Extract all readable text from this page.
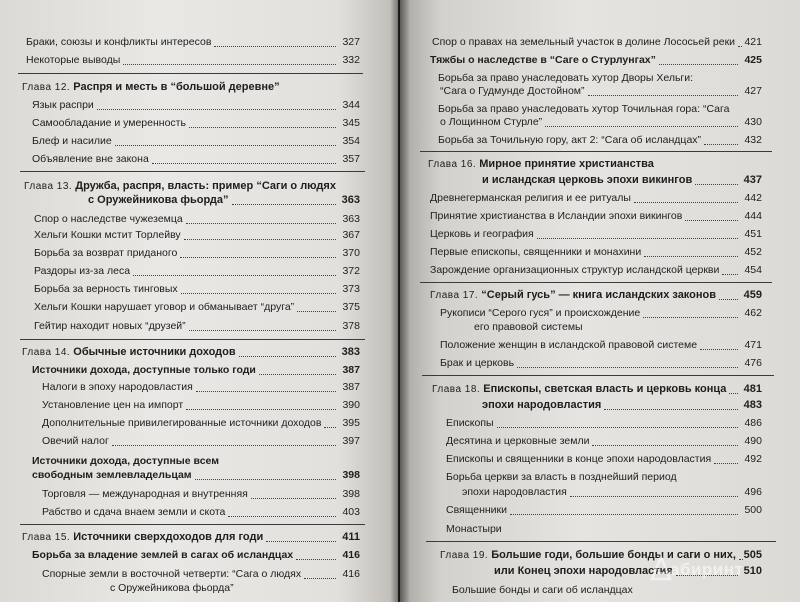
Браки, союзы и конфликты интересов	327
Некоторые выводы	332
Глава 12. Распря и месть в “большой деревне”
Язык распри	344
Самообладание и умеренность	345
Блеф и насилие	354
Объявление вне закона	357
Глава 13. Дружба, распря, власть: пример “Саги о людях
с Оружейникова фьорда”	363
Спор о наследстве чужеземца	363
Хельги Кошки мстит Торлейву	367
Борьба за возврат приданого	370
Раздоры из-за леса	372
Борьба за верность тинговых	373
Хельги Кошки нарушает уговор и обманывает “друга”	375
Гейтир находит новых “друзей”	378
Глава 14. Обычные источники доходов	383
Источники дохода, доступные только годи	387
Налоги в эпоху народовластия	387
Установление цен на импорт	390
Дополнительные привилегированные источники доходов	395
Овечий налог	397
Источники дохода, доступные всем
свободным землевладельцам	398
Торговля — международная и внутренняя	398
Рабство и сдача внаем земли и скота	403
Глава 15. Источники сверхдоходов для годи	411
Борьба за владение землей в сагах об исландцах	416
Спорные земли в восточной четверти: “Сага о людях	416
с Оружейникова фьорда”
Спор о правах на земельный участок в долине Лососьей реки 421
Тяжбы о наследстве в “Саге о Стурлунгах”	425
Борьба за право унаследовать хутор Дворы Хельги:
“Сага о Гудмунде Достойном”	427
Борьба за право унаследовать хутор Точильная гора: “Сага
о Лощинном Стурле”	430
Борьба за Точильную гору, акт 2: “Сага об исландцах”	432
Глава 16. Мирное принятие христианства
и исландская церковь эпохи викингов	437
Древнегерманская религия и ее ритуалы	442
Принятие христианства в Исландии эпохи викингов	444
Церковь и география	451
Первые епископы, священники и монахини	452
Зарождение организационных структур исландской церкви	454
Глава 17. “Серый гусь” — книга исландских законов	459
Рукописи “Серого гуся” и происхождение	462
его правовой системы
Положение женщин в исландской правовой системе	471
Брак и церковь	476
Глава 18. Епископы, светская власть и церковь конца	481
эпохи народовластия	483
Епископы	486
Десятина и церковные земли	490
Епископы и священники в конце эпохи народовластия	492
Борьба церкви за власть в позднейший период
эпохи народовластия	496
Священники	500
Монастыри
Глава 19. Большие годи, большие бонды и саги о них, 505
или Конец эпохи народовластия	510
Большие бонды и саги об исландцах
абиринт
